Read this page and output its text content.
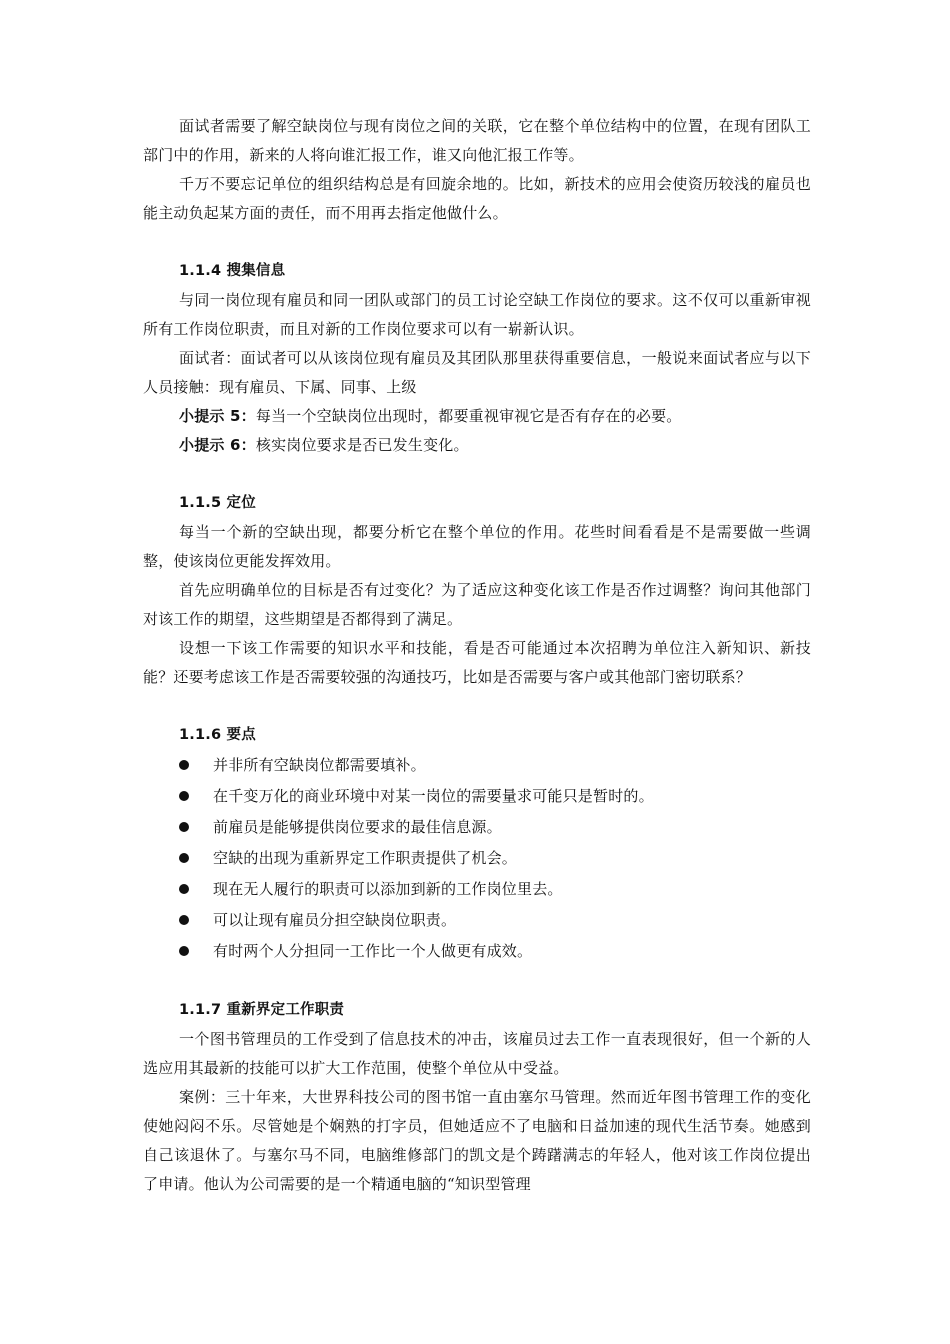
面试者需要了解空缺岗位与现有岗位之间的关联，它在整个单位结构中的位置，在现有团队工部门中的作用，新来的人将向谁汇报工作，谁又向他汇报工作等。

千万不要忘记单位的组织结构总是有回旋余地的。比如，新技术的应用会使资历较浅的雇员也能主动负起某方面的责任，而不用再去指定他做什么。

1.1.4 搜集信息

与同一岗位现有雇员和同一团队或部门的员工讨论空缺工作岗位的要求。这不仅可以重新审视所有工作岗位职责，而且对新的工作岗位要求可以有一崭新认识。

面试者：面试者可以从该岗位现有雇员及其团队那里获得重要信息，一般说来面试者应与以下人员接触：现有雇员、下属、同事、上级

小提示 5：每当一个空缺岗位出现时，都要重视审视它是否有存在的必要。

小提示 6：核实岗位要求是否已发生变化。

1.1.5 定位

每当一个新的空缺出现，都要分析它在整个单位的作用。花些时间看看是不是需要做一些调整，使该岗位更能发挥效用。

首先应明确单位的目标是否有过变化？为了适应这种变化该工作是否作过调整？询问其他部门对该工作的期望，这些期望是否都得到了满足。

设想一下该工作需要的知识水平和技能，看是否可能通过本次招聘为单位注入新知识、新技能？还要考虑该工作是否需要较强的沟通技巧，比如是否需要与客户或其他部门密切联系？

1.1.6 要点

并非所有空缺岗位都需要填补。
在千变万化的商业环境中对某一岗位的需要量求可能只是暂时的。
前雇员是能够提供岗位要求的最佳信息源。
空缺的出现为重新界定工作职责提供了机会。
现在无人履行的职责可以添加到新的工作岗位里去。
可以让现有雇员分担空缺岗位职责。
有时两个人分担同一工作比一个人做更有成效。

1.1.7 重新界定工作职责

一个图书管理员的工作受到了信息技术的冲击，该雇员过去工作一直表现很好，但一个新的人选应用其最新的技能可以扩大工作范围，使整个单位从中受益。

案例：三十年来，大世界科技公司的图书馆一直由塞尔马管理。然而近年图书管理工作的变化使她闷闷不乐。尽管她是个娴熟的打字员，但她适应不了电脑和日益加速的现代生活节奏。她感到自己该退休了。与塞尔马不同，电脑维修部门的凯文是个踌躇满志的年轻人，他对该工作岗位提出了申请。他认为公司需要的是一个精通电脑的“知识型管理
